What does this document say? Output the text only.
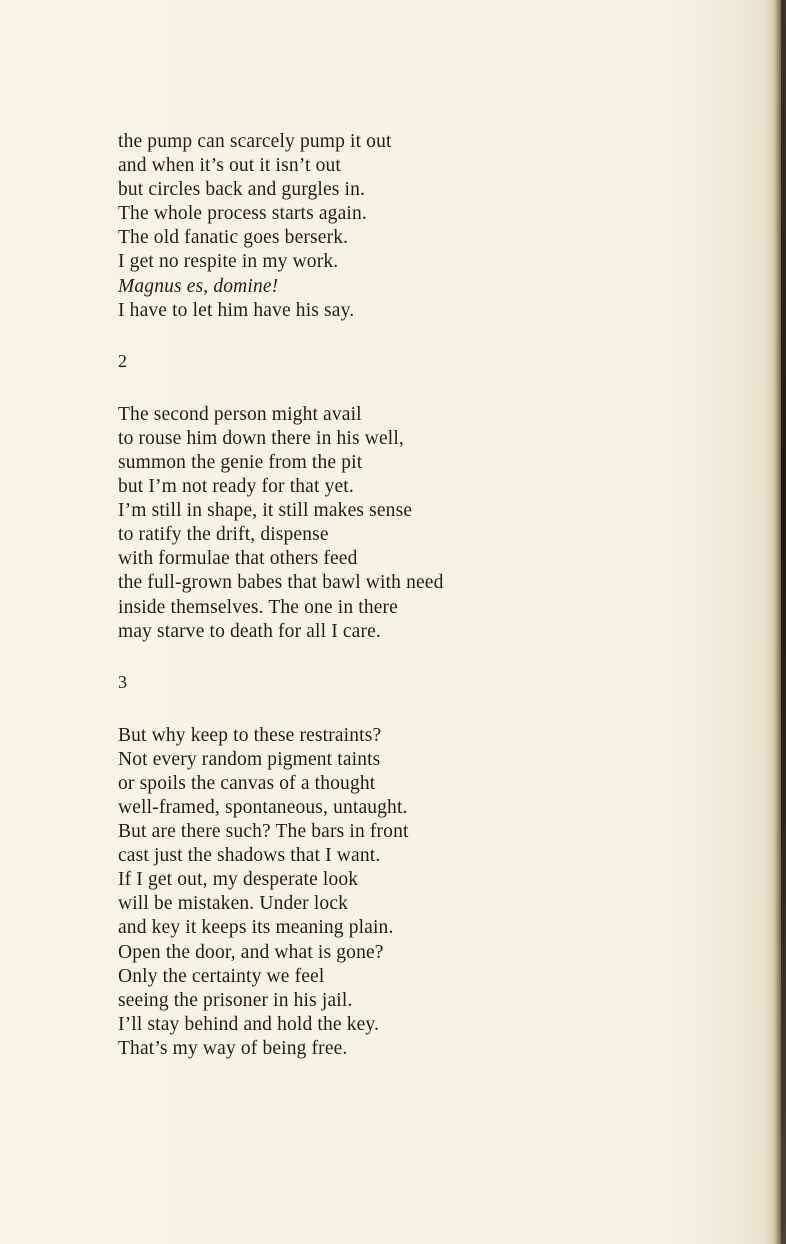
the pump can scarcely pump it out
and when it’s out it isn’t out
but circles back and gurgles in.
The whole process starts again.
The old fanatic goes berserk.
I get no respite in my work.
Magnus es, domine!
I have to let him have his say.
2
The second person might avail
to rouse him down there in his well,
summon the genie from the pit
but I’m not ready for that yet.
I’m still in shape, it still makes sense
to ratify the drift, dispense
with formulae that others feed
the full-grown babes that bawl with need
inside themselves. The one in there
may starve to death for all I care.
3
But why keep to these restraints?
Not every random pigment taints
or spoils the canvas of a thought
well-framed, spontaneous, untaught.
But are there such? The bars in front
cast just the shadows that I want.
If I get out, my desperate look
will be mistaken. Under lock
and key it keeps its meaning plain.
Open the door, and what is gone?
Only the certainty we feel
seeing the prisoner in his jail.
I’ll stay behind and hold the key.
That’s my way of being free.
